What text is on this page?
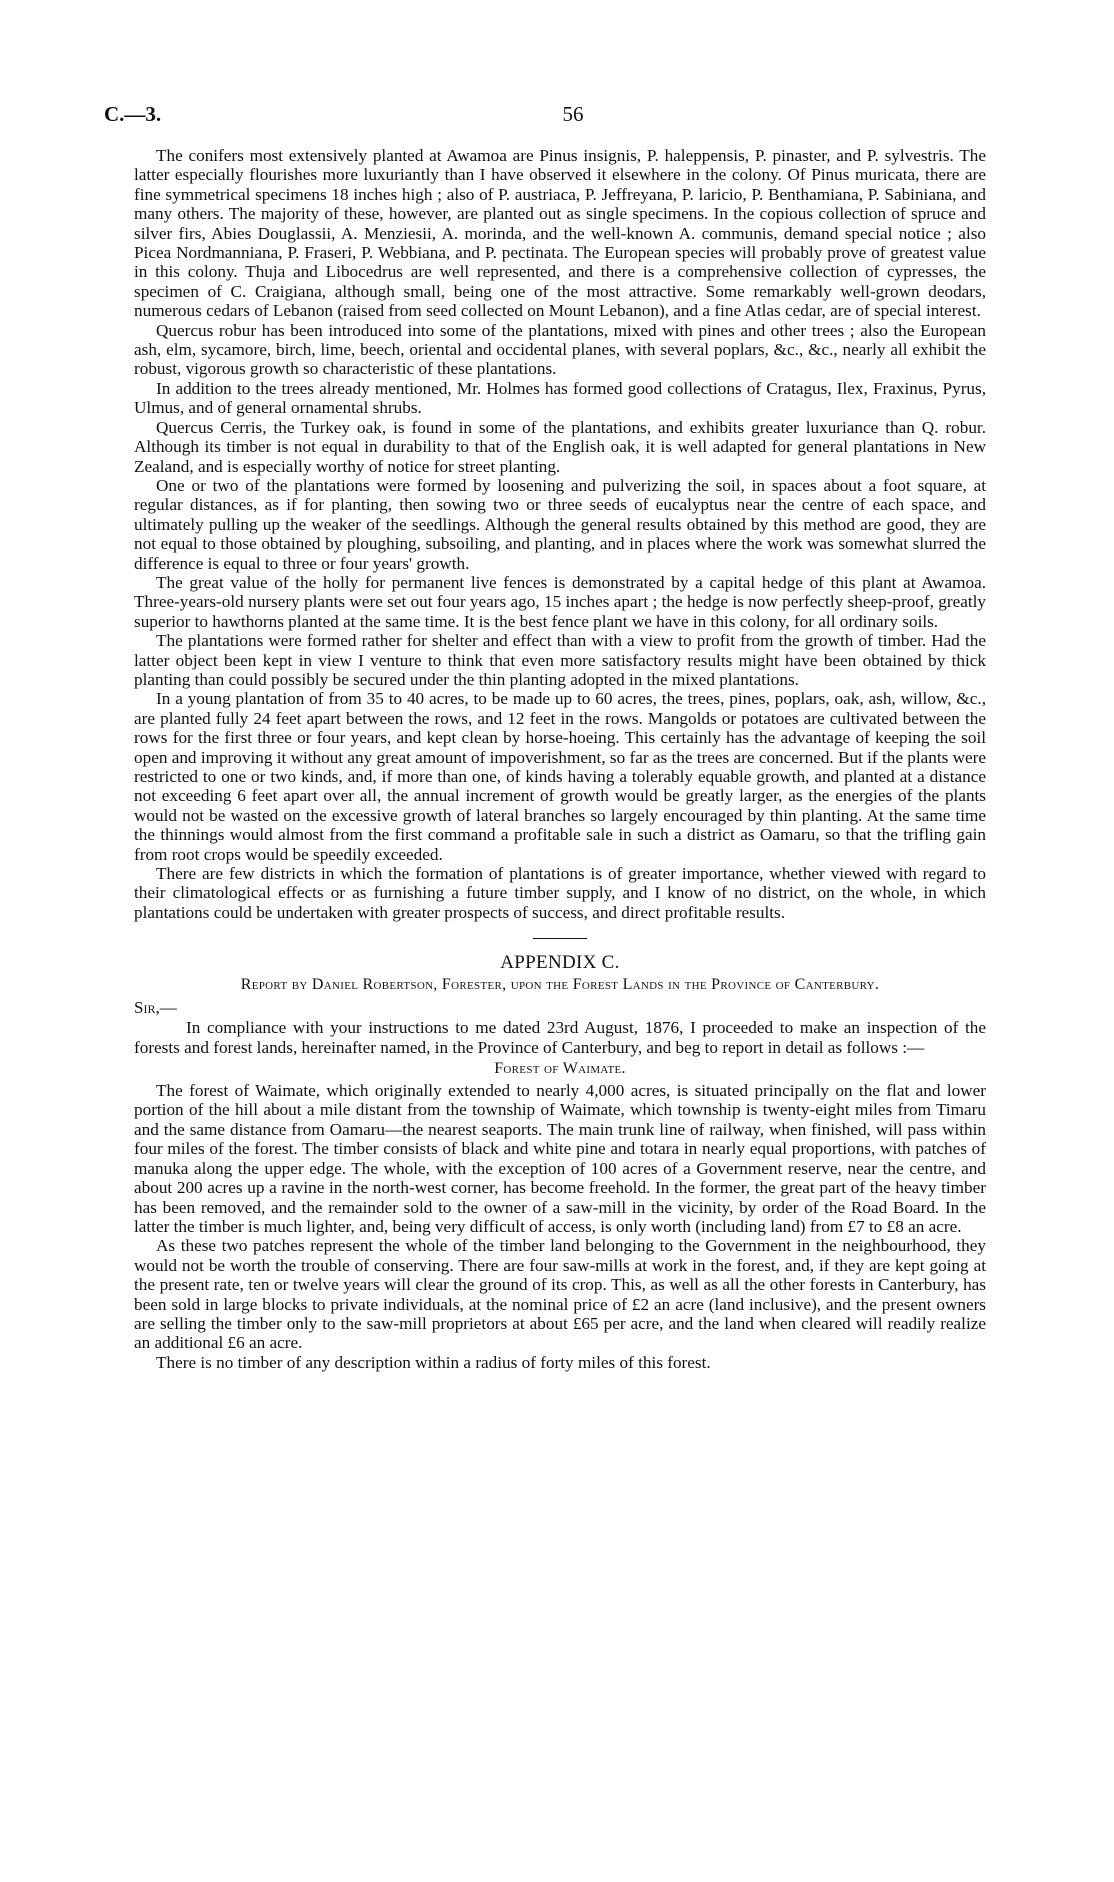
C.—3.	56

The conifers most extensively planted at Awamoa are Pinus insignis, P. haleppensis, P. pinaster, and P. sylvestris. The latter especially flourishes more luxuriantly than I have observed it elsewhere in the colony. Of Pinus muricata, there are fine symmetrical specimens 18 inches high ; also of P. austriaca, P. Jeffreyana, P. laricio, P. Benthamiana, P. Sabiniana, and many others. The majority of these, however, are planted out as single specimens. In the copious collection of spruce and silver firs, Abies Douglassii, A. Menziesii, A. morinda, and the well-known A. communis, demand special notice ; also Picea Nordmanniana, P. Fraseri, P. Webbiana, and P. pectinata. The European species will probably prove of greatest value in this colony. Thuja and Libocedrus are well represented, and there is a comprehensive collection of cypresses, the specimen of C. Craigiana, although small, being one of the most attractive. Some remarkably well-grown deodars, numerous cedars of Lebanon (raised from seed collected on Mount Lebanon), and a fine Atlas cedar, are of special interest.

Quercus robur has been introduced into some of the plantations, mixed with pines and other trees ; also the European ash, elm, sycamore, birch, lime, beech, oriental and occidental planes, with several poplars, &c., &c., nearly all exhibit the robust, vigorous growth so characteristic of these plantations.

In addition to the trees already mentioned, Mr. Holmes has formed good collections of Cratagus, Ilex, Fraxinus, Pyrus, Ulmus, and of general ornamental shrubs.

Quercus Cerris, the Turkey oak, is found in some of the plantations, and exhibits greater luxuriance than Q. robur. Although its timber is not equal in durability to that of the English oak, it is well adapted for general plantations in New Zealand, and is especially worthy of notice for street planting.

One or two of the plantations were formed by loosening and pulverizing the soil, in spaces about a foot square, at regular distances, as if for planting, then sowing two or three seeds of eucalyptus near the centre of each space, and ultimately pulling up the weaker of the seedlings. Although the general results obtained by this method are good, they are not equal to those obtained by ploughing, subsoiling, and planting, and in places where the work was somewhat slurred the difference is equal to three or four years' growth.

The great value of the holly for permanent live fences is demonstrated by a capital hedge of this plant at Awamoa. Three-years-old nursery plants were set out four years ago, 15 inches apart ; the hedge is now perfectly sheep-proof, greatly superior to hawthorns planted at the same time. It is the best fence plant we have in this colony, for all ordinary soils.

The plantations were formed rather for shelter and effect than with a view to profit from the growth of timber. Had the latter object been kept in view I venture to think that even more satisfactory results might have been obtained by thick planting than could possibly be secured under the thin planting adopted in the mixed plantations.

In a young plantation of from 35 to 40 acres, to be made up to 60 acres, the trees, pines, poplars, oak, ash, willow, &c., are planted fully 24 feet apart between the rows, and 12 feet in the rows. Mangolds or potatoes are cultivated between the rows for the first three or four years, and kept clean by horse-hoeing. This certainly has the advantage of keeping the soil open and improving it without any great amount of impoverishment, so far as the trees are concerned. But if the plants were restricted to one or two kinds, and, if more than one, of kinds having a tolerably equable growth, and planted at a distance not exceeding 6 feet apart over all, the annual increment of growth would be greatly larger, as the energies of the plants would not be wasted on the excessive growth of lateral branches so largely encouraged by thin planting. At the same time the thinnings would almost from the first command a profitable sale in such a district as Oamaru, so that the trifling gain from root crops would be speedily exceeded.

There are few districts in which the formation of plantations is of greater importance, whether viewed with regard to their climatological effects or as furnishing a future timber supply, and I know of no district, on the whole, in which plantations could be undertaken with greater prospects of success, and direct profitable results.

APPENDIX C.
Report by Daniel Robertson, Forester, upon the Forest Lands in the Province of Canterbury.
Sir,—

In compliance with your instructions to me dated 23rd August, 1876, I proceeded to make an inspection of the forests and forest lands, hereinafter named, in the Province of Canterbury, and beg to report in detail as follows :—

Forest of Waimate.

The forest of Waimate, which originally extended to nearly 4,000 acres, is situated principally on the flat and lower portion of the hill about a mile distant from the township of Waimate, which township is twenty-eight miles from Timaru and the same distance from Oamaru—the nearest seaports. The main trunk line of railway, when finished, will pass within four miles of the forest. The timber consists of black and white pine and totara in nearly equal proportions, with patches of manuka along the upper edge. The whole, with the exception of 100 acres of a Government reserve, near the centre, and about 200 acres up a ravine in the north-west corner, has become freehold. In the former, the great part of the heavy timber has been removed, and the remainder sold to the owner of a saw-mill in the vicinity, by order of the Road Board. In the latter the timber is much lighter, and, being very difficult of access, is only worth (including land) from £7 to £8 an acre.

As these two patches represent the whole of the timber land belonging to the Government in the neighbourhood, they would not be worth the trouble of conserving. There are four saw-mills at work in the forest, and, if they are kept going at the present rate, ten or twelve years will clear the ground of its crop. This, as well as all the other forests in Canterbury, has been sold in large blocks to private individuals, at the nominal price of £2 an acre (land inclusive), and the present owners are selling the timber only to the saw-mill proprietors at about £65 per acre, and the land when cleared will readily realize an additional £6 an acre.

There is no timber of any description within a radius of forty miles of this forest.
